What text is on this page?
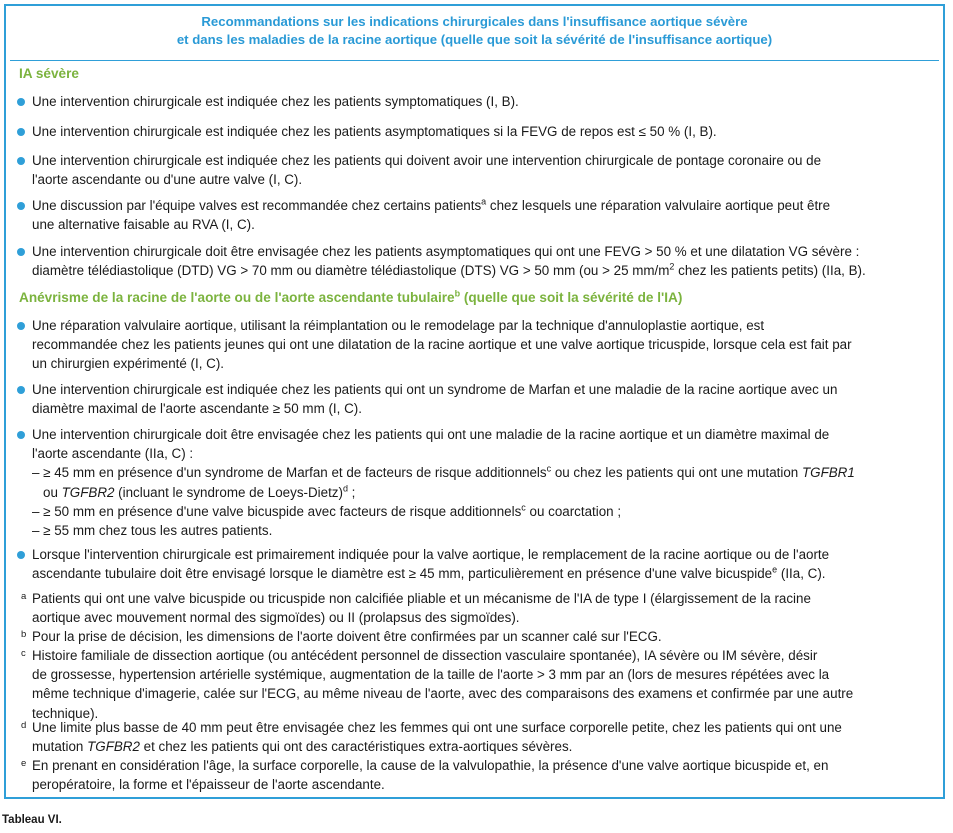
Recommandations sur les indications chirurgicales dans l'insuffisance aortique sévère
et dans les maladies de la racine aortique (quelle que soit la sévérité de l'insuffisance aortique)
IA sévère
Une intervention chirurgicale est indiquée chez les patients symptomatiques (I, B).
Une intervention chirurgicale est indiquée chez les patients asymptomatiques si la FEVG de repos est ≤ 50 % (I, B).
Une intervention chirurgicale est indiquée chez les patients qui doivent avoir une intervention chirurgicale de pontage coronaire ou de
l'aorte ascendante ou d'une autre valve (I, C).
Une discussion par l'équipe valves est recommandée chez certains patients$^a$ chez lesquels une réparation valvulaire aortique peut être
une alternative faisable au RVA (I, C).
Une intervention chirurgicale doit être envisagée chez les patients asymptomatiques qui ont une FEVG > 50 % et une dilatation VG sévère :
diamètre télédiastolique (DTD) VG > 70 mm ou diamètre télédiastolique (DTS) VG > 50 mm (ou > 25 $mm/m^2$ chez les patients petits) (IIa, B).
Anévrisme de la racine de l'aorte ou de l'aorte ascendante tubulaire$^b$ (quelle que soit la sévérité de l'IA)
Une réparation valvulaire aortique, utilisant la réimplantation ou le remodelage par la technique d'annuloplastie aortique, est
recommandée chez les patients jeunes qui ont une dilatation de la racine aortique et une valve aortique tricuspide, lorsque cela est fait par
un chirurgien expérimenté (I, C).
Une intervention chirurgicale est indiquée chez les patients qui ont un syndrome de Marfan et une maladie de la racine aortique avec un
diamètre maximal de l'aorte ascendante ≥ 50 mm (I, C).
Une intervention chirurgicale doit être envisagée chez les patients qui ont une maladie de la racine aortique et un diamètre maximal de
l'aorte ascendante (IIa, C) :
– ≥ 45 mm en présence d'un syndrome de Marfan et de facteurs de risque additionnels$^c$ ou chez les patients qui ont une mutation TGFBR1
ou TGFBR2 (incluant le syndrome de Loeys-Dietz)$^d$ ;
– ≥ 50 mm en présence d'une valve bicuspide avec facteurs de risque additionnels$^c$ ou coarctation ;
– ≥ 55 mm chez tous les autres patients.
Lorsque l'intervention chirurgicale est primairement indiquée pour la valve aortique, le remplacement de la racine aortique ou de l'aorte
ascendante tubulaire doit être envisagé lorsque le diamètre est ≥ 45 mm, particulièrement en présence d'une valve bicuspide$^e$ (IIa, C).
a Patients qui ont une valve bicuspide ou tricuspide non calcifiée pliable et un mécanisme de l'IA de type I (élargissement de la racine
aortique avec mouvement normal des sigmoïdes) ou II (prolapsus des sigmoïdes).
b Pour la prise de décision, les dimensions de l'aorte doivent être confirmées par un scanner calé sur l'ECG.
c Histoire familiale de dissection aortique (ou antécédent personnel de dissection vasculaire spontanée), IA sévère ou IM sévère, désir
de grossesse, hypertension artérielle systémique, augmentation de la taille de l'aorte > 3 mm par an (lors de mesures répétées avec la
même technique d'imagerie, calée sur l'ECG, au même niveau de l'aorte, avec des comparaisons des examens et confirmée par une autre
technique).
d Une limite plus basse de 40 mm peut être envisagée chez les femmes qui ont une surface corporelle petite, chez les patients qui ont une
mutation TGFBR2 et chez les patients qui ont des caractéristiques extra-aortiques sévères.
e En prenant en considération l'âge, la surface corporelle, la cause de la valvulopathie, la présence d'une valve aortique bicuspide et, en
peropératoire, la forme et l'épaisseur de l'aorte ascendante.
Tableau VI.
